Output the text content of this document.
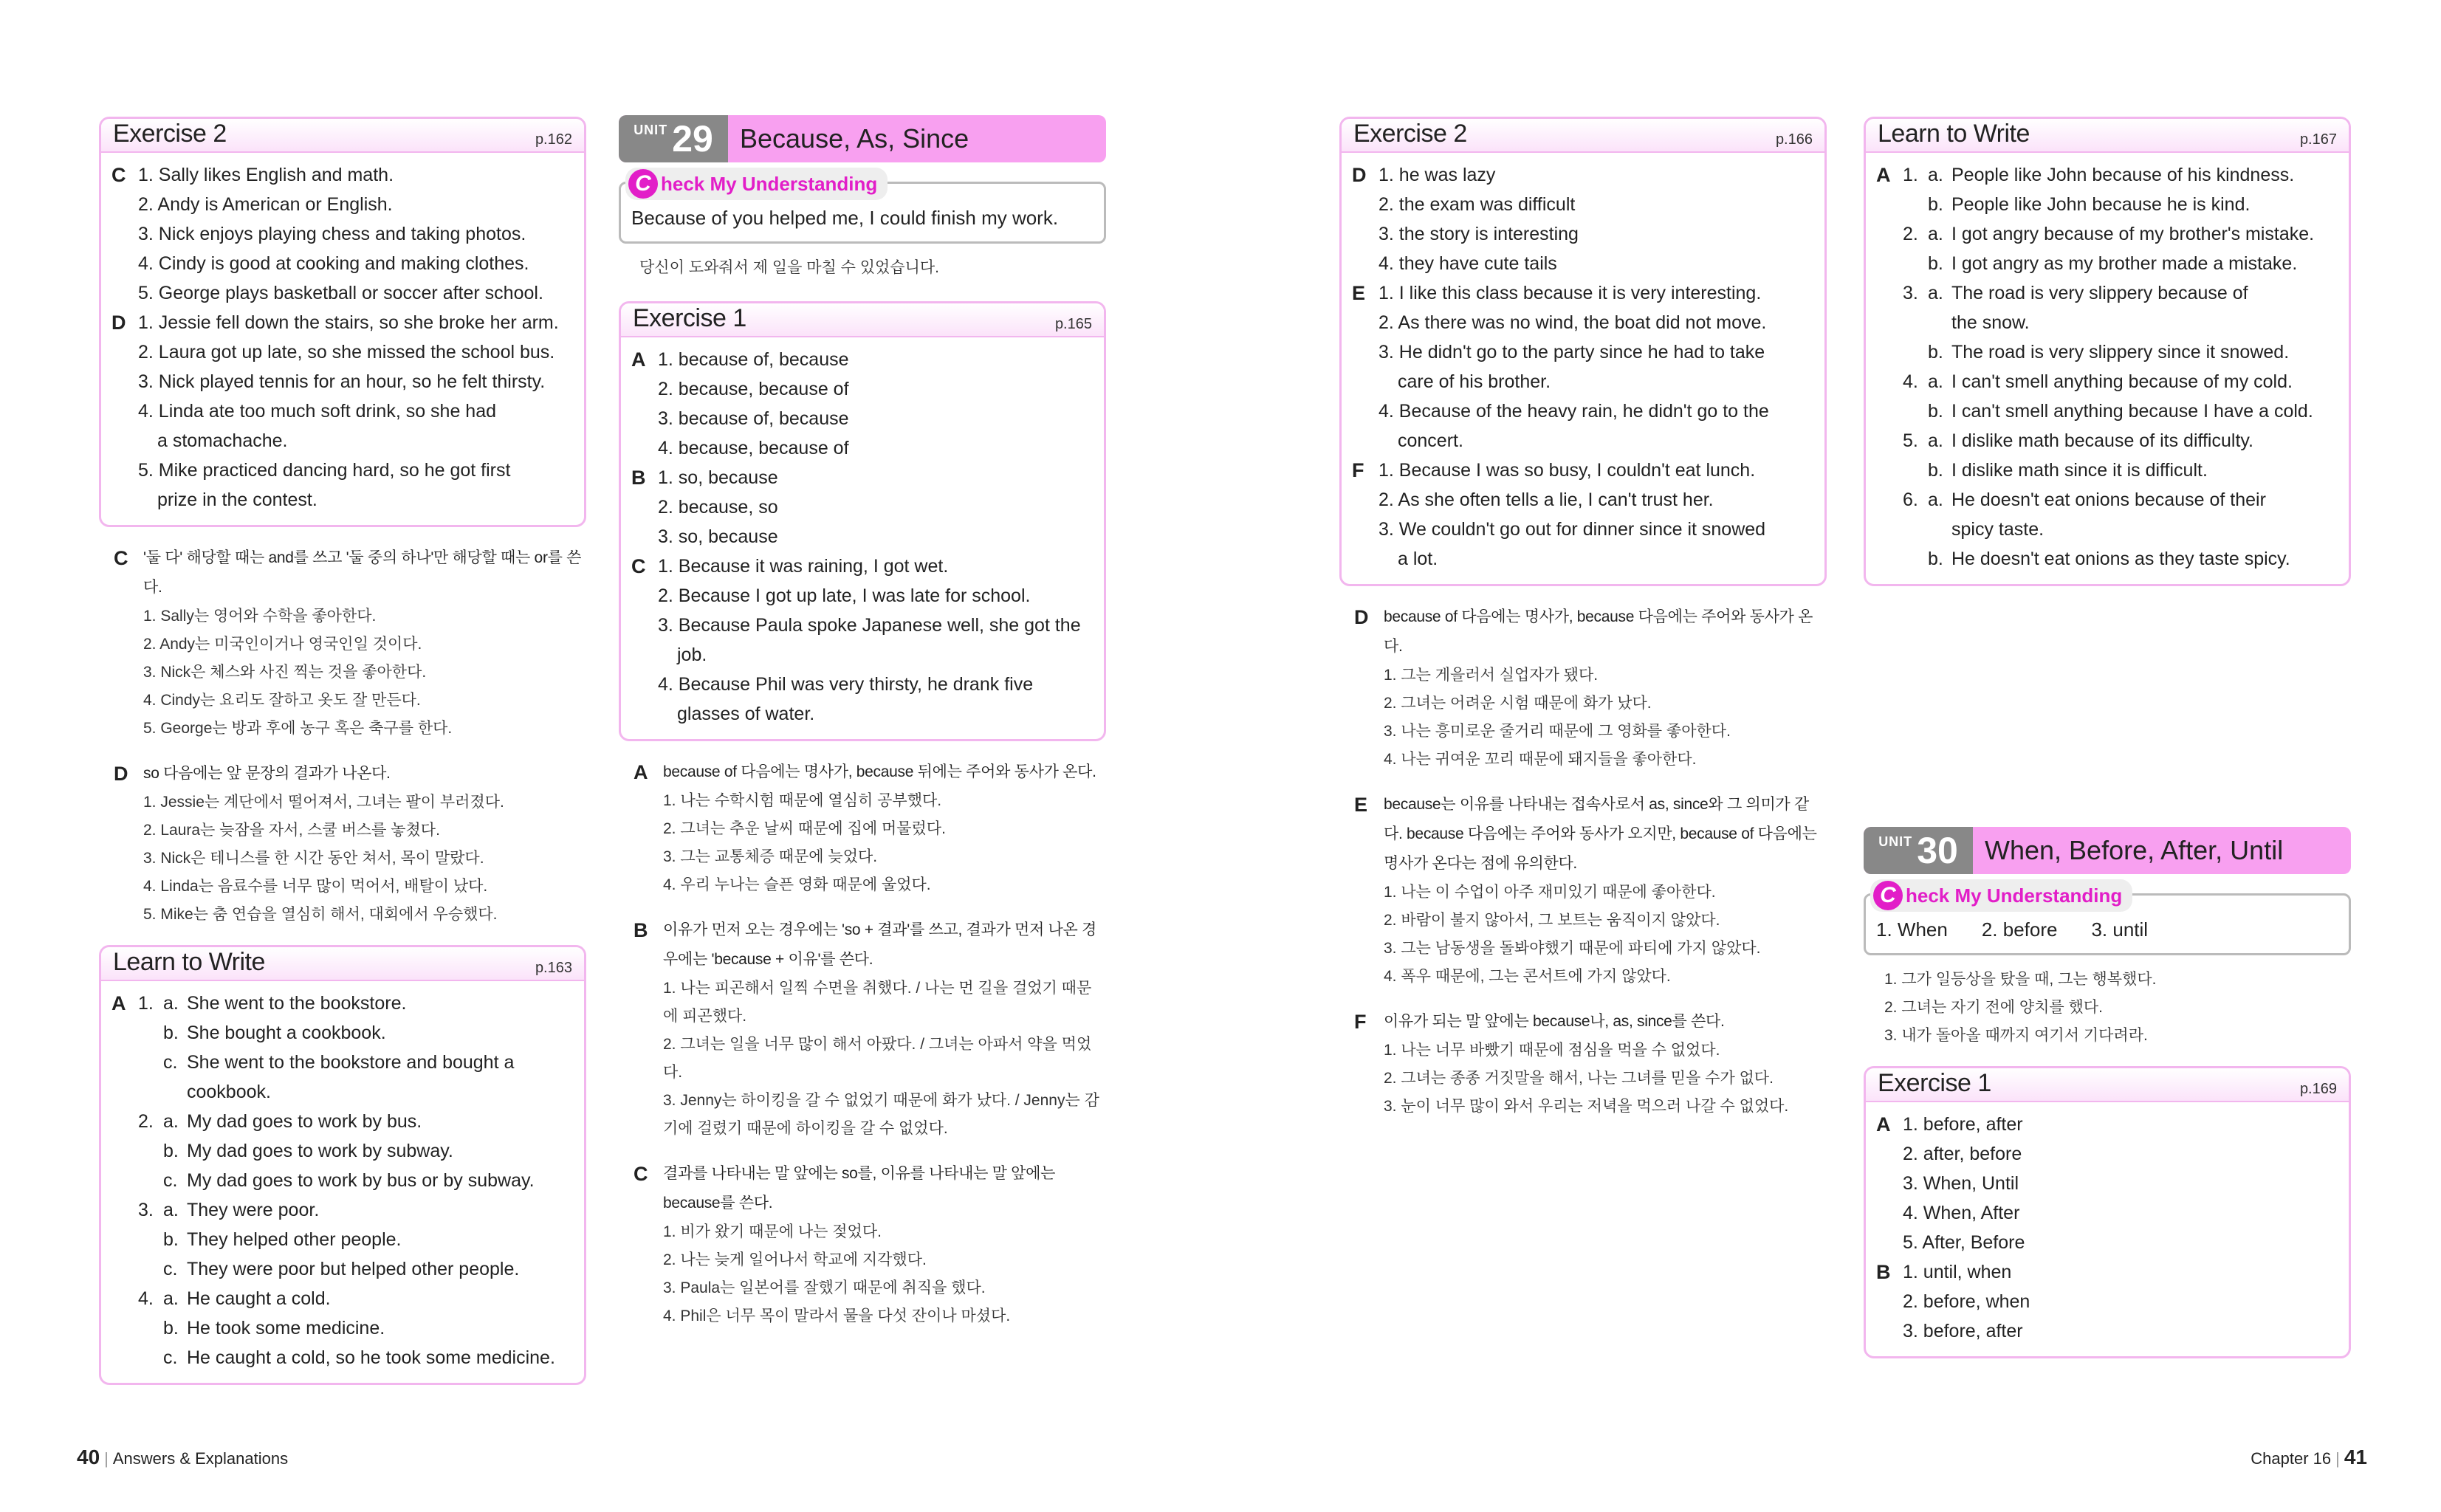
Exercise 2	p.162
C 1. Sally likes English and math.
2. Andy is American or English.
3. Nick enjoys playing chess and taking photos.
4. Cindy is good at cooking and making clothes.
5. George plays basketball or soccer after school.
D 1. Jessie fell down the stairs, so she broke her arm.
2. Laura got up late, so she missed the school bus.
3. Nick played tennis for an hour, so he felt thirsty.
4. Linda ate too much soft drink, so she had
a stomachache.
5. Mike practiced dancing hard, so he got first
prize in the contest.
C '둘 다' 해당할 때는 and를 쓰고 '둘 중의 하나'만 해당할 때는 or를 쓴다.
1. Sally는 영어와 수학을 좋아한다.
2. Andy는 미국인이거나 영국인일 것이다.
3. Nick은 체스와 사진 찍는 것을 좋아한다.
4. Cindy는 요리도 잘하고 옷도 잘 만든다.
5. George는 방과 후에 농구 혹은 축구를 한다.
D so 다음에는 앞 문장의 결과가 나온다.
1. Jessie는 계단에서 떨어져서, 그녀는 팔이 부러졌다.
2. Laura는 늦잠을 자서, 스쿨 버스를 놓쳤다.
3. Nick은 테니스를 한 시간 동안 쳐서, 목이 말랐다.
4. Linda는 음료수를 너무 많이 먹어서, 배탈이 났다.
5. Mike는 춤 연습을 열심히 해서, 대회에서 우승했다.
Learn to Write	p.163
A 1. a. She went to the bookstore.
b. She bought a cookbook.
c. She went to the bookstore and bought a
cookbook.
2. a. My dad goes to work by bus.
b. My dad goes to work by subway.
c. My dad goes to work by bus or by subway.
3. a. They were poor.
b. They helped other people.
c. They were poor but helped other people.
4. a. He caught a cold.
b. He took some medicine.
c. He caught a cold, so he took some medicine.
UNIT 29	Because, As, Since
C heck My Understanding
Because of you helped me, I could finish my work.
당신이 도와줘서 제 일을 마칠 수 있었습니다.
Exercise 1	p.165
A 1. because of, because
2. because, because of
3. because of, because
4. because, because of
B 1. so, because
2. because, so
3. so, because
C 1. Because it was raining, I got wet.
2. Because I got up late, I was late for school.
3. Because Paula spoke Japanese well, she got the
job.
4. Because Phil was very thirsty, he drank five
glasses of water.
A because of 다음에는 명사가, because 뒤에는 주어와 동사가 온다.
1. 나는 수학시험 때문에 열심히 공부했다.
2. 그녀는 추운 날씨 때문에 집에 머물렀다.
3. 그는 교통체증 때문에 늦었다.
4. 우리 누나는 슬픈 영화 때문에 울었다.
B 이유가 먼저 오는 경우에는 'so + 결과'를 쓰고, 결과가 먼저 나온 경우에는 'because + 이유'를 쓴다.
1. 나는 피곤해서 일찍 수면을 취했다. / 나는 먼 길을 걸었기 때문에 피곤했다.
2. 그녀는 일을 너무 많이 해서 아팠다. / 그녀는 아파서 약을 먹었다.
3. Jenny는 하이킹을 갈 수 없었기 때문에 화가 났다. / Jenny는 감기에 걸렸기 때문에 하이킹을 갈 수 없었다.
C 결과를 나타내는 말 앞에는 so를, 이유를 나타내는 말 앞에는 because를 쓴다.
1. 비가 왔기 때문에 나는 젖었다.
2. 나는 늦게 일어나서 학교에 지각했다.
3. Paula는 일본어를 잘했기 때문에 취직을 했다.
4. Phil은 너무 목이 말라서 물을 다섯 잔이나 마셨다.
Exercise 2	p.166
D 1. he was lazy
2. the exam was difficult
3. the story is interesting
4. they have cute tails
E 1. I like this class because it is very interesting.
2. As there was no wind, the boat did not move.
3. He didn't go to the party since he had to take
care of his brother.
4. Because of the heavy rain, he didn't go to the
concert.
F 1. Because I was so busy, I couldn't eat lunch.
2. As she often tells a lie, I can't trust her.
3. We couldn't go out for dinner since it snowed
a lot.
D because of 다음에는 명사가, because 다음에는 주어와 동사가 온다.
1. 그는 게을러서 실업자가 됐다.
2. 그녀는 어려운 시험 때문에 화가 났다.
3. 나는 흥미로운 줄거리 때문에 그 영화를 좋아한다.
4. 나는 귀여운 꼬리 때문에 돼지들을 좋아한다.
E	because는 이유를 나타내는 접속사로서 as, since와 그 의미가 같다. because 다음에는 주어와 동사가 오지만, because of 다음에는 명사가 온다는 점에 유의한다.
1. 나는 이 수업이 아주 재미있기 때문에 좋아한다.
2. 바람이 불지 않아서, 그 보트는 움직이지 않았다.
3. 그는 남동생을 돌봐야했기 때문에 파티에 가지 않았다.
4. 폭우 때문에, 그는 콘서트에 가지 않았다.
F	이유가 되는 말 앞에는 because나, as, since를 쓴다.
1. 나는 너무 바빴기 때문에 점심을 먹을 수 없었다.
2. 그녀는 종종 거짓말을 해서, 나는 그녀를 믿을 수가 없다.
3. 눈이 너무 많이 와서 우리는 저녁을 먹으러 나갈 수 없었다.
Learn to Write	p.167
A 1. a. People like John because of his kindness.
b. People like John because he is kind.
2. a. I got angry because of my brother's mistake.
b. I got angry as my brother made a mistake.
3. a. The road is very slippery because of
the snow.
b. The road is very slippery since it snowed.
4. a. I can't smell anything because of my cold.
b. I can't smell anything because I have a cold.
5. a. I dislike math because of its difficulty.
b. I dislike math since it is difficult.
6. a. He doesn't eat onions because of their
spicy taste.
b. He doesn't eat onions as they taste spicy.
UNIT 30	When, Before, After, Until
C heck My Understanding
1. When 2. before 3. until
1. 그가 일등상을 탔을 때, 그는 행복했다.
2. 그녀는 자기 전에 양치를 했다.
3. 내가 돌아올 때까지 여기서 기다려라.
Exercise 1	p.169
A 1. before, after
2. after, before
3. When, Until
4. When, After
5. After, Before
B 1. until, when
2. before, when
3. before, after
40 | Answers & Explanations	Chapter 16 | 41
